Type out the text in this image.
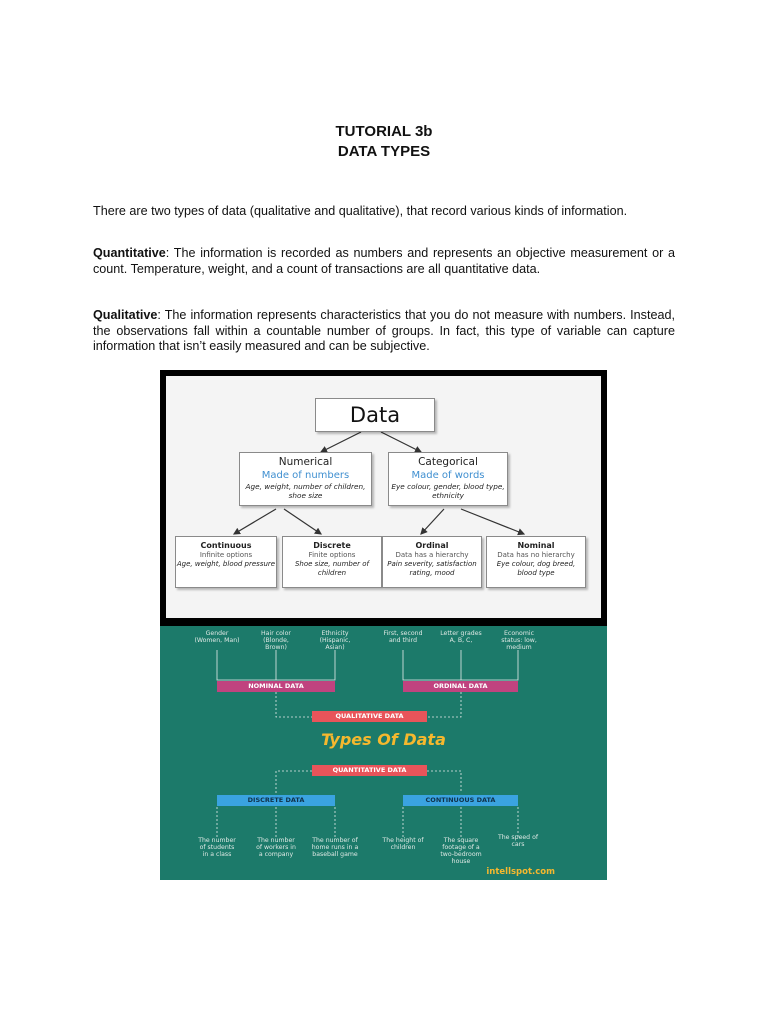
TUTORIAL 3b
DATA TYPES

There are two types of data (qualitative and qualitative), that record various kinds of information.

Quantitative: The information is recorded as numbers and represents an objective measurement or a count. Temperature, weight, and a count of transactions are all quantitative data.

Qualitative: The information represents characteristics that you do not measure with numbers. Instead, the observations fall within a countable number of groups. In fact, this type of variable can capture information that isn’t easily measured and can be subjective.

Data
Numerical
Made of numbers
Age, weight, number of children, shoe size
Categorical
Made of words
Eye colour, gender, blood type, ethnicity
Continuous
Infinite options
Age, weight, blood pressure
Discrete
Finite options
Shoe size, number of children
Ordinal
Data has a hierarchy
Pain severity, satisfaction rating, mood
Nominal
Data has no hierarchy
Eye colour, dog breed, blood type
Gender (Women, Man)
Hair color (Blonde, Brown)
Ethnicity (Hispanic, Asian)
First, second and third
Letter grades A, B, C,
Economic status: low, medium
NOMINAL DATA	ORDINAL DATA
QUALITATIVE DATA
Types Of Data
QUANTITATIVE DATA
DISCRETE DATA	CONTINUOUS DATA
The number of students in a class
The number of workers in a company
The number of home runs in a baseball game
The height of children
The square footage of a two-bedroom house
The speed of cars
intellspot.com
